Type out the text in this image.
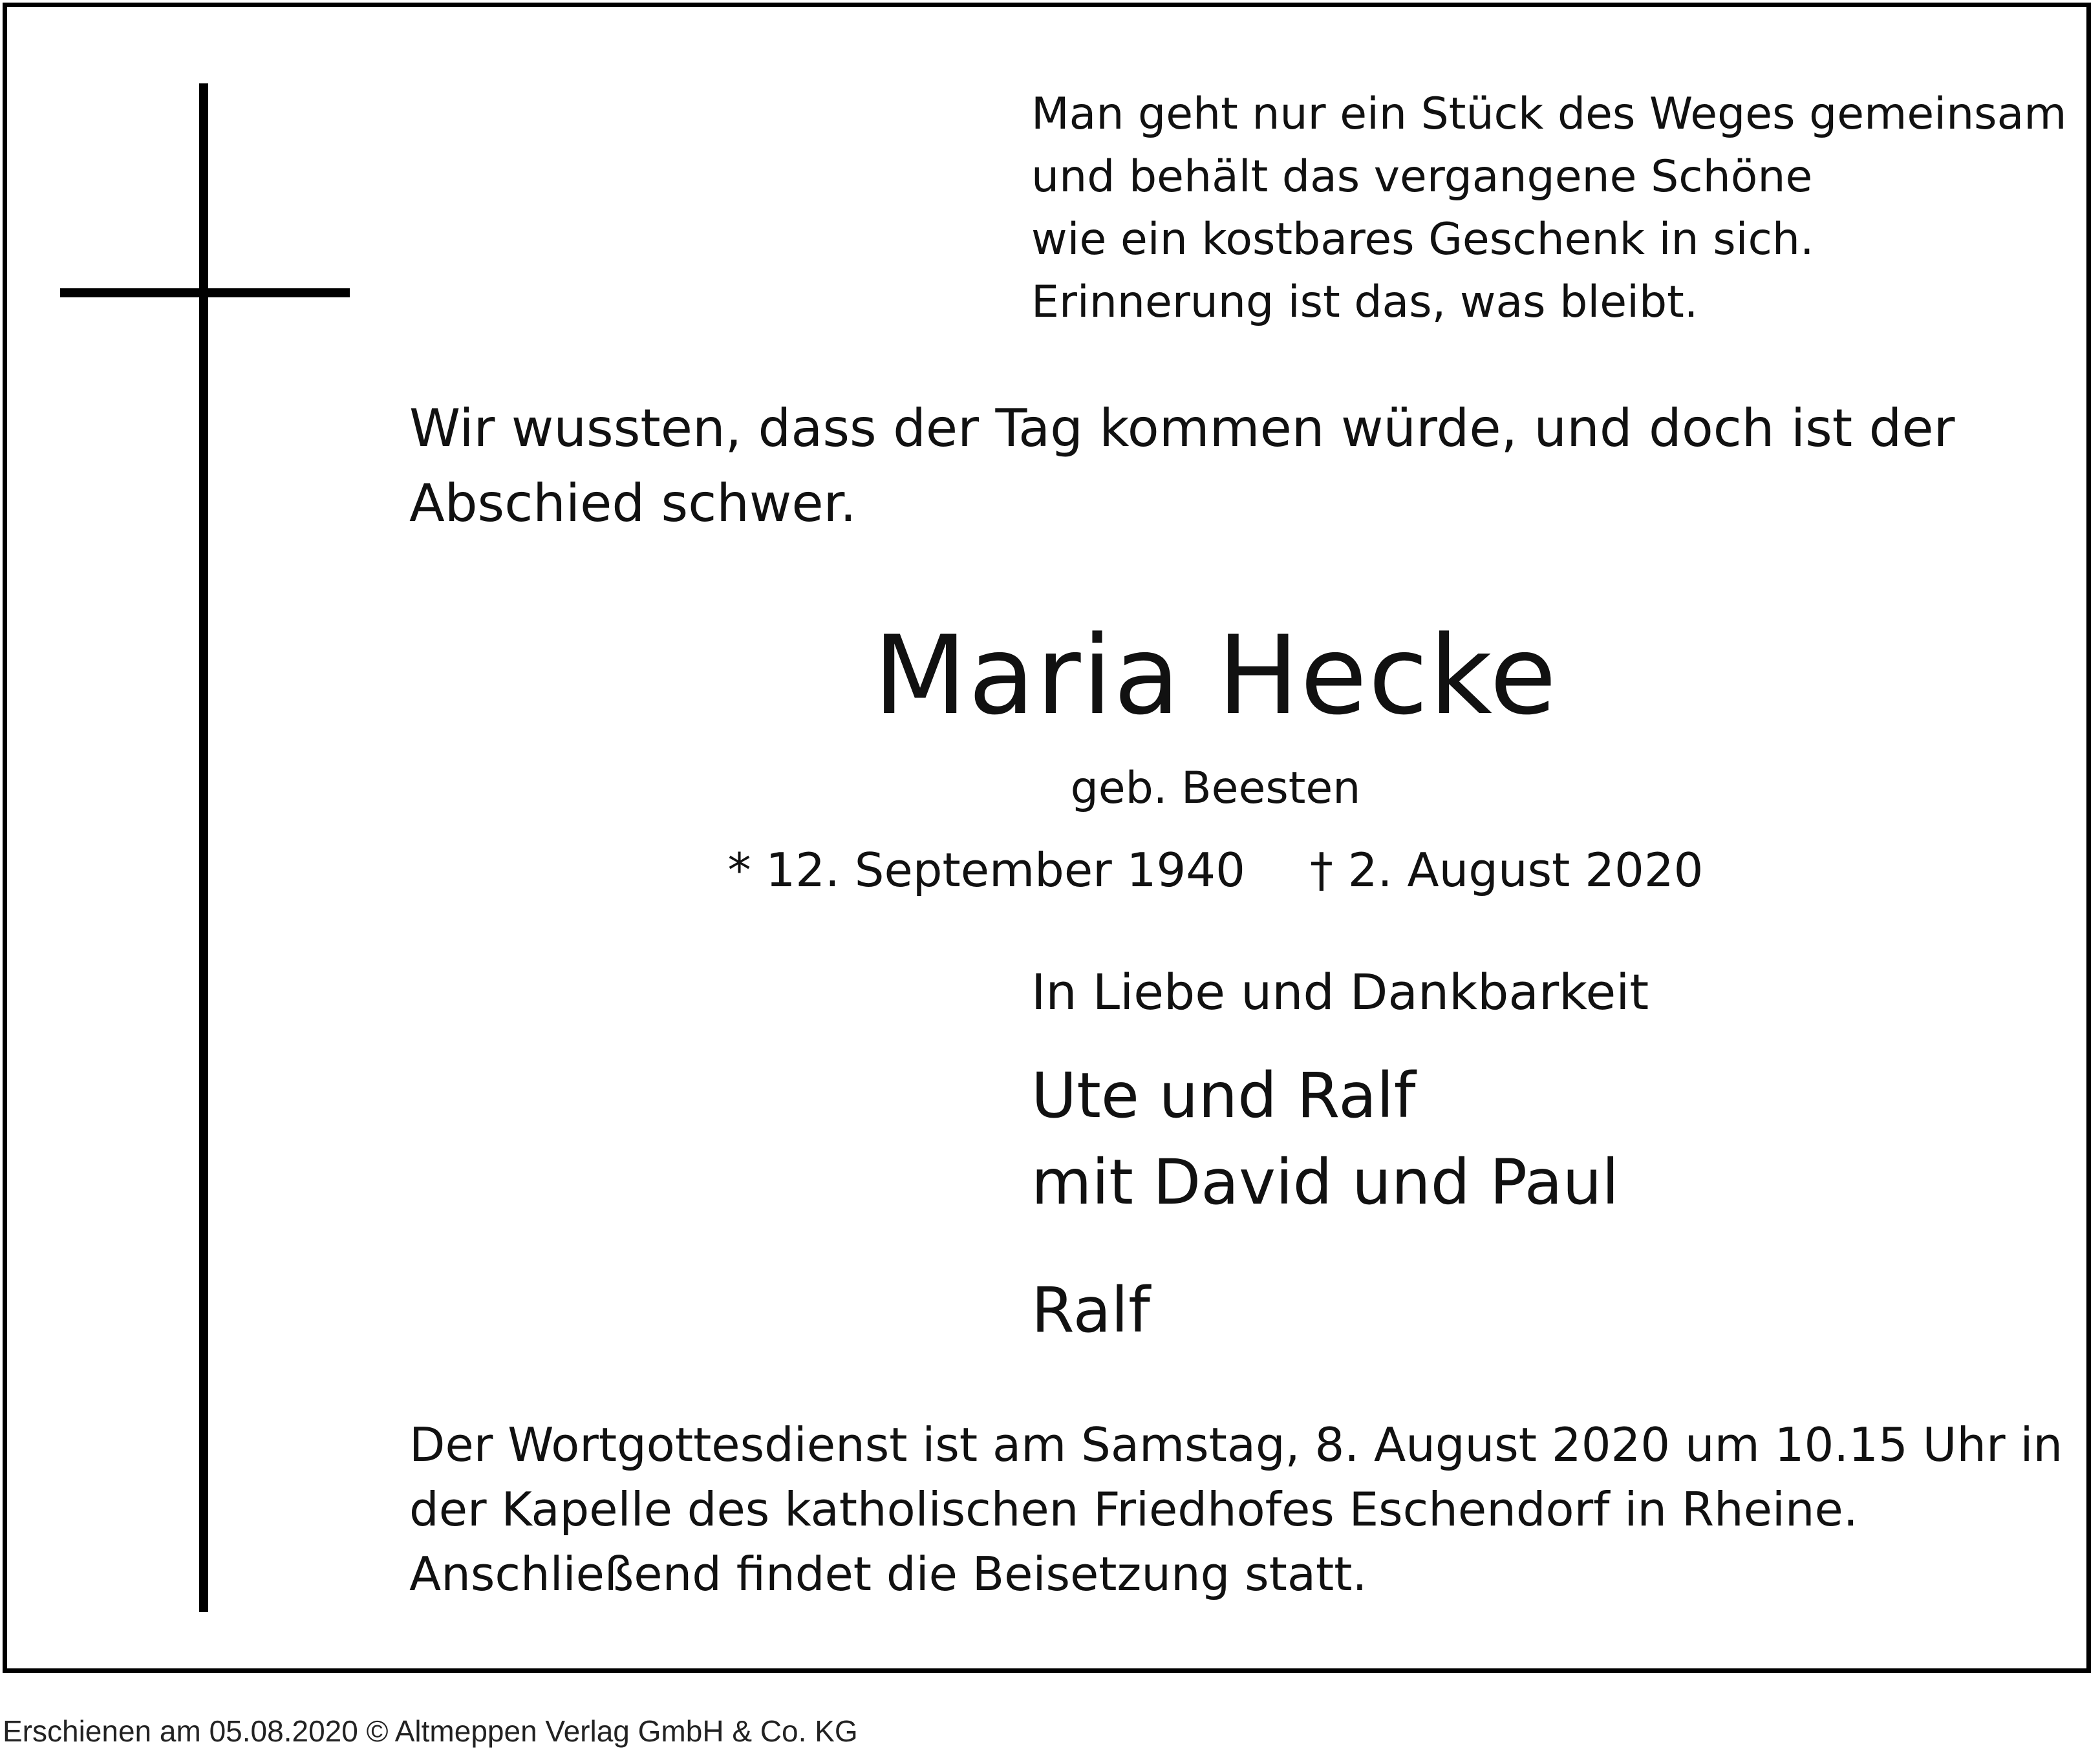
Man geht nur ein Stück des Weges gemeinsam
und behält das vergangene Schöne
wie ein kostbares Geschenk in sich.
Erinnerung ist das, was bleibt.
Wir wussten, dass der Tag kommen würde, und doch ist der
Abschied schwer.
Maria Hecke
geb. Beesten
* 12. September 1940 † 2. August 2020
In Liebe und Dankbarkeit
Ute und Ralf
mit David und Paul
Ralf
Der Wortgottesdienst ist am Samstag, 8. August 2020 um 10.15 Uhr in
der Kapelle des katholischen Friedhofes Eschendorf in Rheine.
Anschließend findet die Beisetzung statt.
Erschienen am 05.08.2020 © Altmeppen Verlag GmbH & Co. KG
